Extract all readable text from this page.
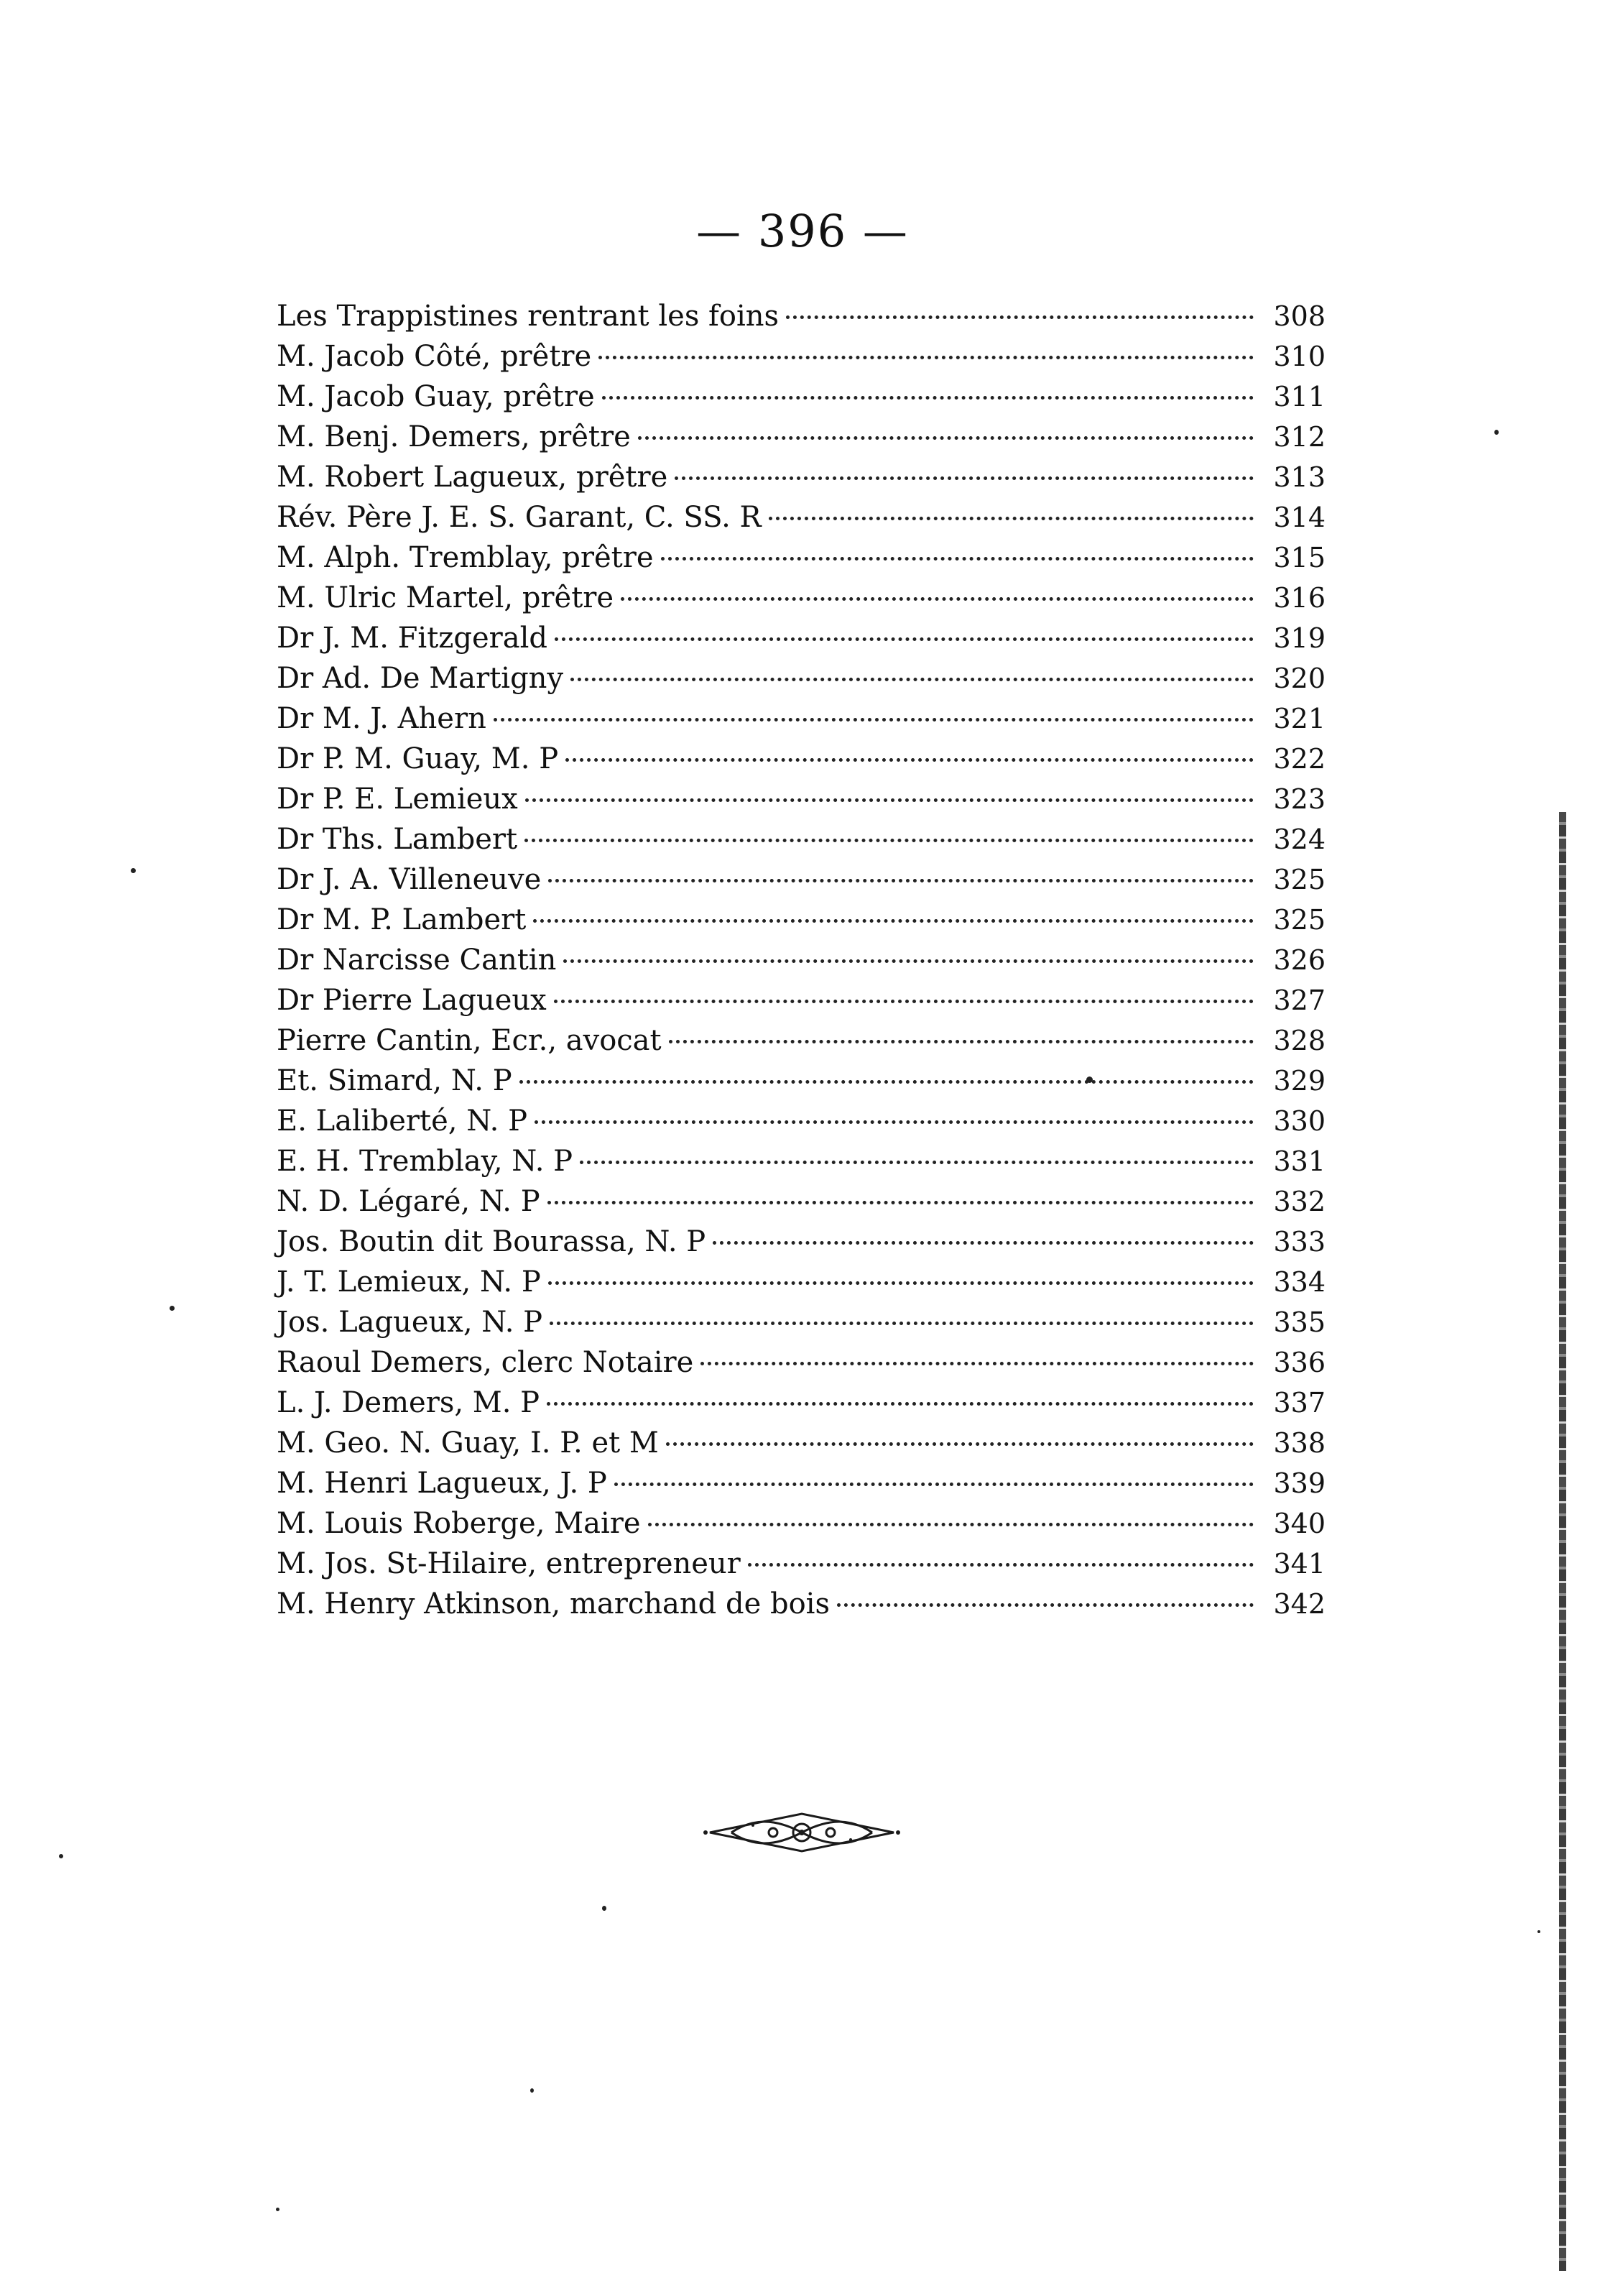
— 396 —
Les Trappistines rentrant les foins	308
M. Jacob Côté, prêtre	310
M. Jacob Guay, prêtre	311
M. Benj. Demers, prêtre	312
M. Robert Lagueux, prêtre	313
Rév. Père J. E. S. Garant, C. SS. R	314
M. Alph. Tremblay, prêtre	315
M. Ulric Martel, prêtre	316
Dr J. M. Fitzgerald	319
Dr Ad. De Martigny	320
Dr M. J. Ahern	321
Dr P. M. Guay, M. P	322
Dr P. E. Lemieux	323
Dr Ths. Lambert	324
Dr J. A. Villeneuve	325
Dr M. P. Lambert	325
Dr Narcisse Cantin	326
Dr Pierre Lagueux	327
Pierre Cantin, Ecr., avocat	328
Et. Simard, N. P	329
E. Laliberté, N. P	330
E. H. Tremblay, N. P	331
N. D. Légaré, N. P	332
Jos. Boutin dit Bourassa, N. P	333
J. T. Lemieux, N. P	334
Jos. Lagueux, N. P	335
Raoul Demers, clerc Notaire	336
L. J. Demers, M. P	337
M. Geo. N. Guay, I. P. et M	338
M. Henri Lagueux, J. P	339
M. Louis Roberge, Maire	340
M. Jos. St-Hilaire, entrepreneur	341
M. Henry Atkinson, marchand de bois	342
